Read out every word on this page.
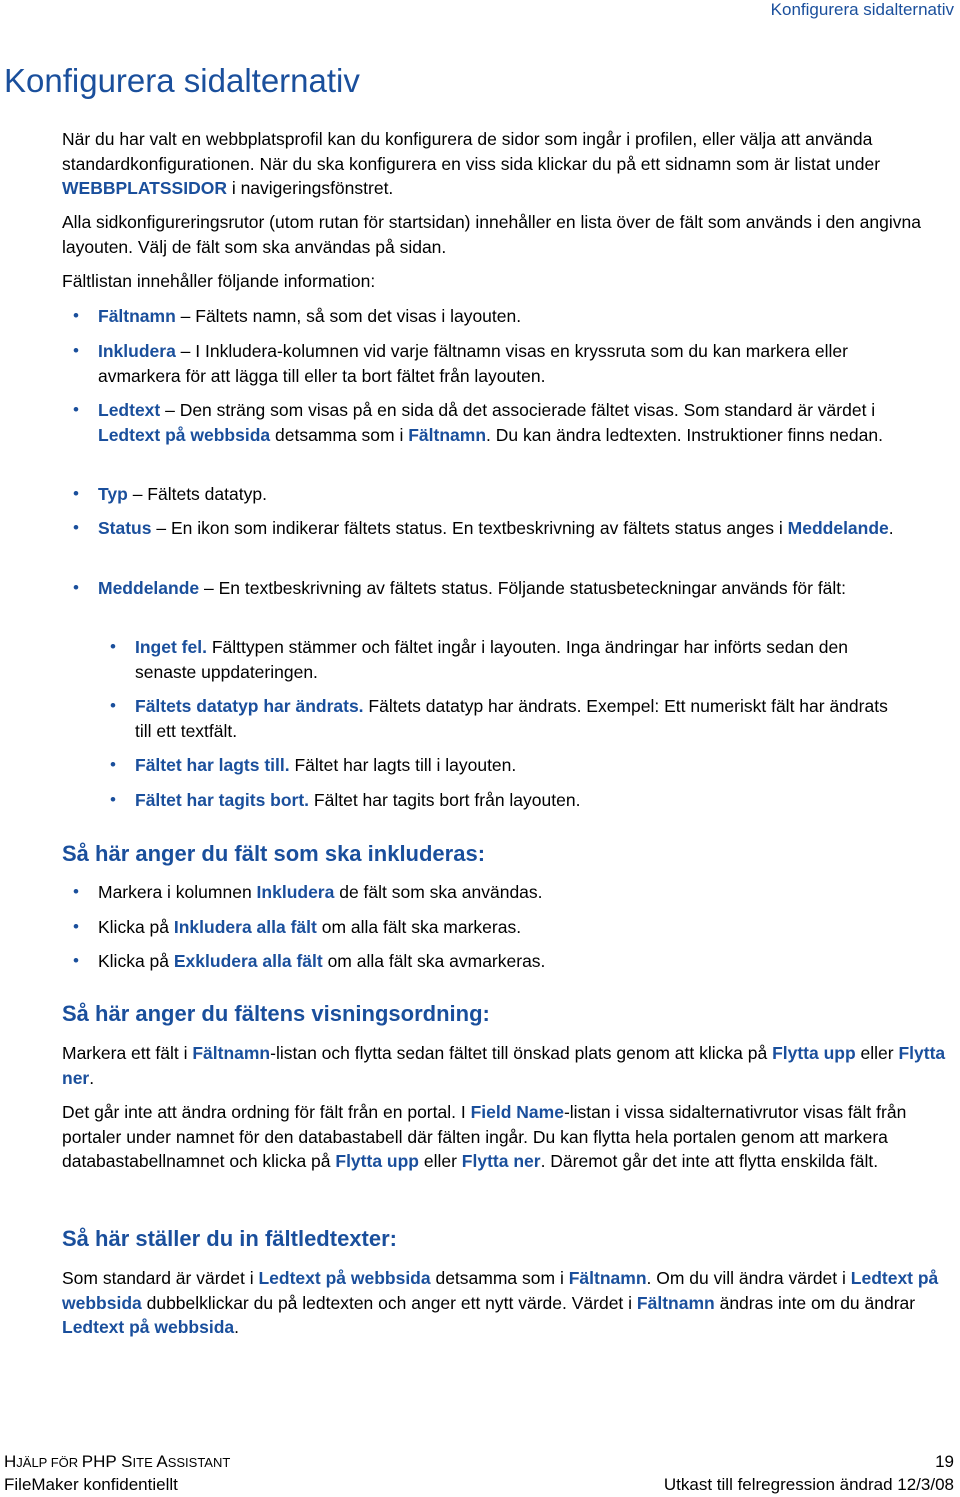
Konfigurera sidalternativ
Konfigurera sidalternativ
När du har valt en webbplatsprofil kan du konfigurera de sidor som ingår i profilen, eller välja att använda standardkonfigurationen. När du ska konfigurera en viss sida klickar du på ett sidnamn som är listat under WEBBPLATSSIDOR i navigeringsfönstret.
Alla sidkonfigureringsrutor (utom rutan för startsidan) innehåller en lista över de fält som används i den angivna layouten. Välj de fält som ska användas på sidan.
Fältlistan innehåller följande information:
• Fältnamn – Fältets namn, så som det visas i layouten.
• Inkludera – I Inkludera-kolumnen vid varje fältnamn visas en kryssruta som du kan markera eller avmarkera för att lägga till eller ta bort fältet från layouten.
• Ledtext – Den sträng som visas på en sida då det associerade fältet visas. Som standard är värdet i Ledtext på webbsida detsamma som i Fältnamn. Du kan ändra ledtexten. Instruktioner finns nedan.
• Typ – Fältets datatyp.
• Status – En ikon som indikerar fältets status. En textbeskrivning av fältets status anges i Meddelande.
• Meddelande – En textbeskrivning av fältets status. Följande statusbeteckningar används för fält:
• Inget fel. Fälttypen stämmer och fältet ingår i layouten. Inga ändringar har införts sedan den senaste uppdateringen.
• Fältets datatyp har ändrats. Fältets datatyp har ändrats. Exempel: Ett numeriskt fält har ändrats till ett textfält.
• Fältet har lagts till. Fältet har lagts till i layouten.
• Fältet har tagits bort. Fältet har tagits bort från layouten.
Så här anger du fält som ska inkluderas:
• Markera i kolumnen Inkludera de fält som ska användas.
• Klicka på Inkludera alla fält om alla fält ska markeras.
• Klicka på Exkludera alla fält om alla fält ska avmarkeras.
Så här anger du fältens visningsordning:
Markera ett fält i Fältnamn-listan och flytta sedan fältet till önskad plats genom att klicka på Flytta upp eller Flytta ner.
Det går inte att ändra ordning för fält från en portal. I Field Name-listan i vissa sidalternativrutor visas fält från portaler under namnet för den databastabell där fälten ingår. Du kan flytta hela portalen genom att markera databastabellnamnet och klicka på Flytta upp eller Flytta ner. Däremot går det inte att flytta enskilda fält.
Så här ställer du in fältledtexter:
Som standard är värdet i Ledtext på webbsida detsamma som i Fältnamn. Om du vill ändra värdet i Ledtext på webbsida dubbelklickar du på ledtexten och anger ett nytt värde. Värdet i Fältnamn ändras inte om du ändrar Ledtext på webbsida.
HJÄLP FÖR PHP SITE ASSISTANT	19
FileMaker konfidentiellt	Utkast till felregression ändrad 12/3/08
